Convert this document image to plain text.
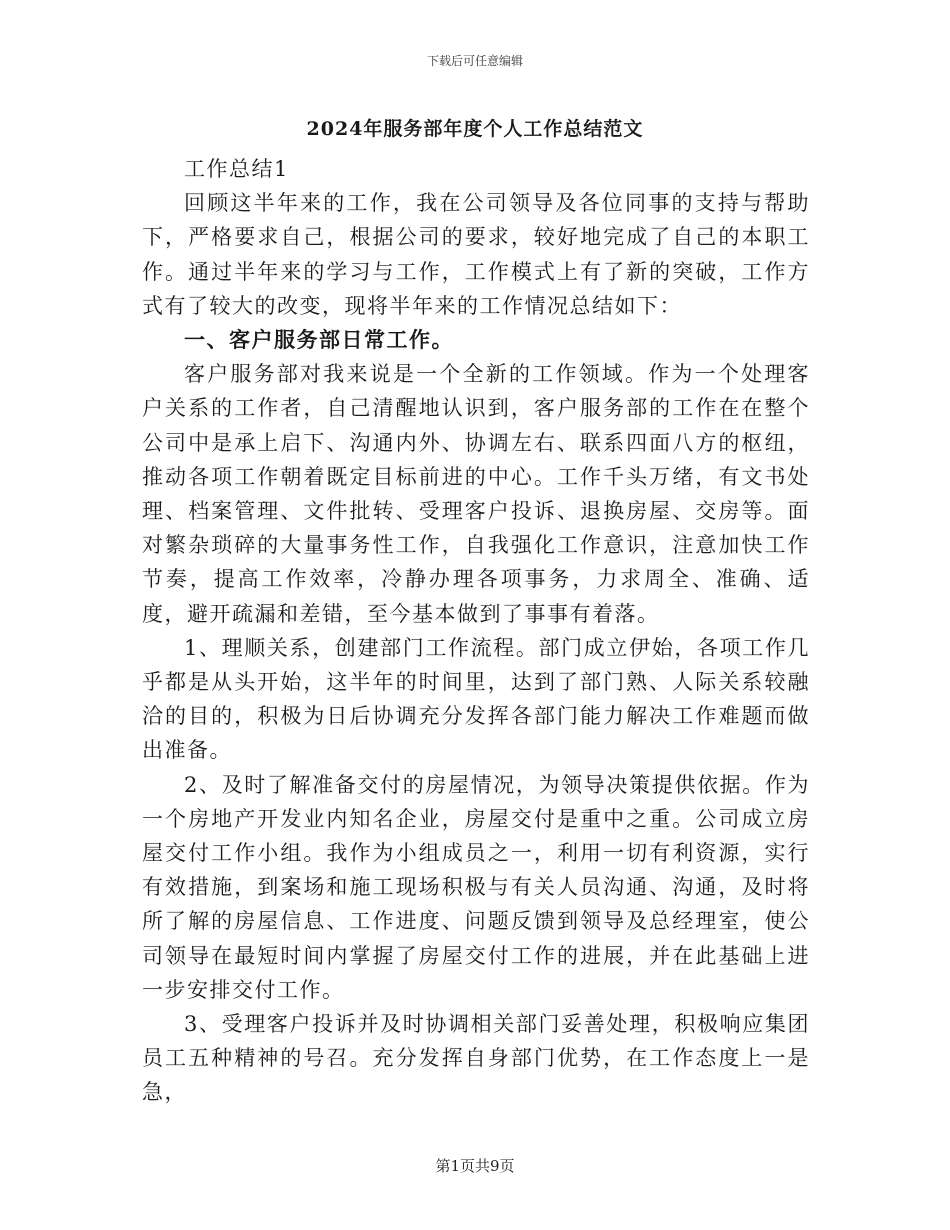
下载后可任意编辑
2024年服务部年度个人工作总结范文

工作总结1

回顾这半年来的工作，我在公司领导及各位同事的支持与帮助下，严格要求自己，根据公司的要求，较好地完成了自己的本职工作。通过半年来的学习与工作，工作模式上有了新的突破，工作方式有了较大的改变，现将半年来的工作情况总结如下：

一、客户服务部日常工作。

客户服务部对我来说是一个全新的工作领域。作为一个处理客户关系的工作者，自己清醒地认识到，客户服务部的工作在在整个公司中是承上启下、沟通内外、协调左右、联系四面八方的枢纽，推动各项工作朝着既定目标前进的中心。工作千头万绪，有文书处理、档案管理、文件批转、受理客户投诉、退换房屋、交房等。面对繁杂琐碎的大量事务性工作，自我强化工作意识，注意加快工作节奏，提高工作效率，冷静办理各项事务，力求周全、准确、适度，避开疏漏和差错，至今基本做到了事事有着落。

1、理顺关系，创建部门工作流程。部门成立伊始，各项工作几乎都是从头开始，这半年的时间里，达到了部门熟、人际关系较融洽的目的，积极为日后协调充分发挥各部门能力解决工作难题而做出准备。

2、及时了解准备交付的房屋情况，为领导决策提供依据。作为一个房地产开发业内知名企业，房屋交付是重中之重。公司成立房屋交付工作小组。我作为小组成员之一，利用一切有利资源，实行有效措施，到案场和施工现场积极与有关人员沟通、沟通，及时将所了解的房屋信息、工作进度、问题反馈到领导及总经理室，使公司领导在最短时间内掌握了房屋交付工作的进展，并在此基础上进一步安排交付工作。

3、受理客户投诉并及时协调相关部门妥善处理，积极响应集团员工五种精神的号召。充分发挥自身部门优势，在工作态度上一是急，

第1页共9页
